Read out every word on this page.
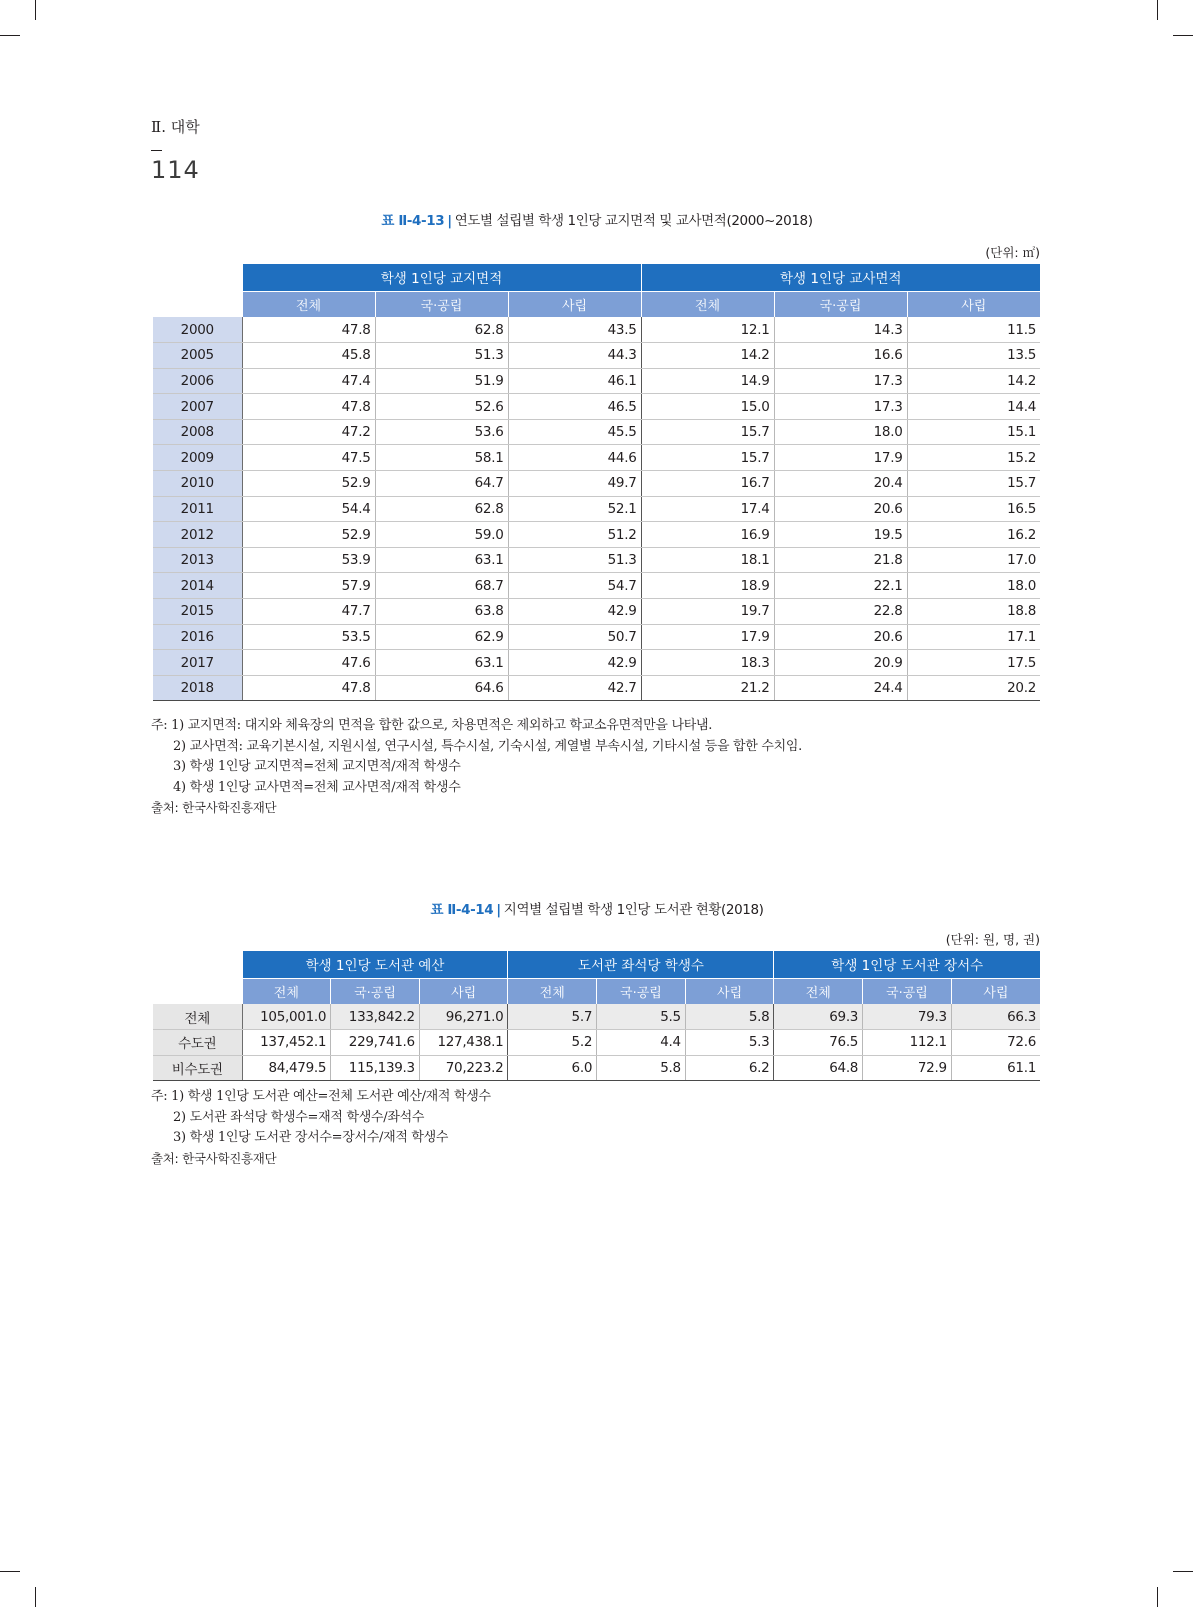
Ⅱ. 대학
114
표 Ⅱ-4-13 | 연도별 설립별 학생 1인당 교지면적 및 교사면적(2000~2018)
(단위: ㎡)
	학생 1인당 교지면적			학생 1인당 교사면적		
	전체	국·공립	사립	전체	국·공립	사립
2000	47.8	62.8	43.5	12.1	14.3	11.5
2005	45.8	51.3	44.3	14.2	16.6	13.5
2006	47.4	51.9	46.1	14.9	17.3	14.2
2007	47.8	52.6	46.5	15.0	17.3	14.4
2008	47.2	53.6	45.5	15.7	18.0	15.1
2009	47.5	58.1	44.6	15.7	17.9	15.2
2010	52.9	64.7	49.7	16.7	20.4	15.7
2011	54.4	62.8	52.1	17.4	20.6	16.5
2012	52.9	59.0	51.2	16.9	19.5	16.2
2013	53.9	63.1	51.3	18.1	21.8	17.0
2014	57.9	68.7	54.7	18.9	22.1	18.0
2015	47.7	63.8	42.9	19.7	22.8	18.8
2016	53.5	62.9	50.7	17.9	20.6	17.1
2017	47.6	63.1	42.9	18.3	20.9	17.5
2018	47.8	64.6	42.7	21.2	24.4	20.2
주: 1) 교지면적: 대지와 체육장의 면적을 합한 값으로, 차용면적은 제외하고 학교소유면적만을 나타냄.
2) 교사면적: 교육기본시설, 지원시설, 연구시설, 특수시설, 기숙시설, 계열별 부속시설, 기타시설 등을 합한 수치임.
3) 학생 1인당 교지면적=전체 교지면적/재적 학생수
4) 학생 1인당 교사면적=전체 교사면적/재적 학생수
출처: 한국사학진흥재단
표 Ⅱ-4-14 | 지역별 설립별 학생 1인당 도서관 현황(2018)
(단위: 원, 명, 권)
	학생 1인당 도서관 예산			도서관 좌석당 학생수			학생 1인당 도서관 장서수		
	전체	국·공립	사립	전체	국·공립	사립	전체	국·공립	사립
전체	105,001.0	133,842.2	96,271.0	5.7	5.5	5.8	69.3	79.3	66.3
수도권	137,452.1	229,741.6	127,438.1	5.2	4.4	5.3	76.5	112.1	72.6
비수도권	84,479.5	115,139.3	70,223.2	6.0	5.8	6.2	64.8	72.9	61.1
주: 1) 학생 1인당 도서관 예산=전체 도서관 예산/재적 학생수
2) 도서관 좌석당 학생수=재적 학생수/좌석수
3) 학생 1인당 도서관 장서수=장서수/재적 학생수
출처: 한국사학진흥재단
